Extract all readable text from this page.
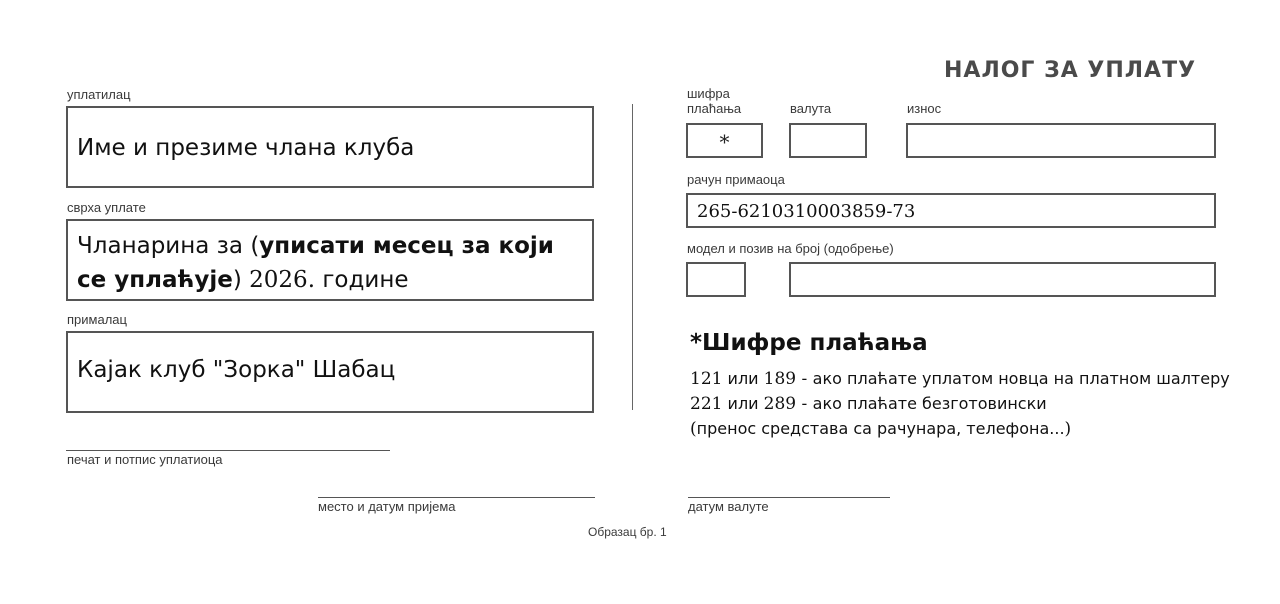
НАЛОГ ЗА УПЛАТУ
уплатилац
Име и презиме члана клуба
сврха уплате
Чланарина за (уписати месец за који
се уплаћује) 2026. године
прималац
Кајак клуб "Зорка" Шабац
печат и потпис уплатиоца
место и датум пријема	датум валуте
Образац бр. 1
шифра
плаћања	валута	износ
*
рачун примаоца
265-6210310003859-73
модел и позив на број (одобрење)
*Шифре плаћања
121 или 189 - ако плаћате уплатом новца на платном шалтеру
221 или 289 - ако плаћате безготовински
(пренос средстава са рачунара, телефона...)
